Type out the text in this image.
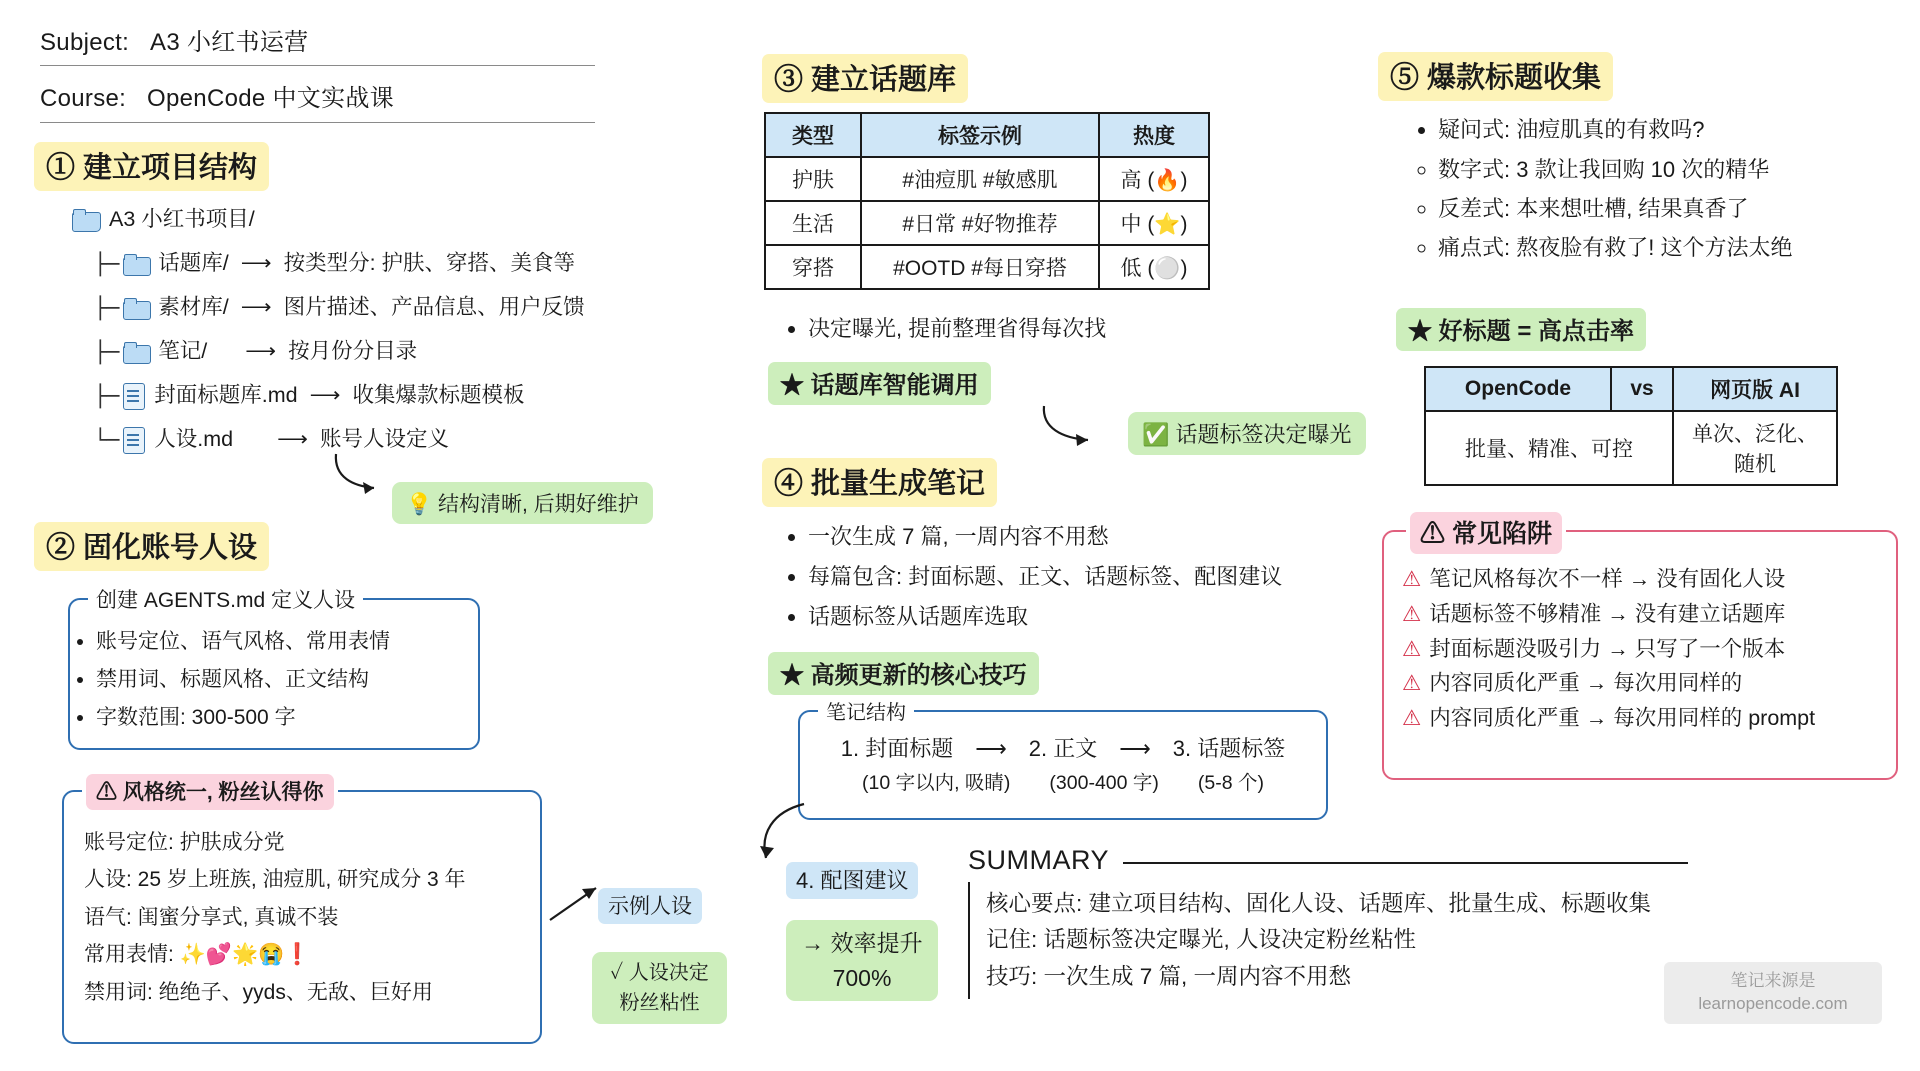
Subject: A3 小红书运营
Course: OpenCode 中文实战课
① 建立项目结构
A3 小红书项目/
├─ 话题库/ ⟶ 按类型分: 护肤、穿搭、美食等
├─ 素材库/ ⟶ 图片描述、产品信息、用户反馈
├─ 笔记/ ⟶ 按月份分目录
├─ 封面标题库.md ⟶ 收集爆款标题模板
└─ 人设.md ⟶ 账号人设定义
💡 结构清晰, 后期好维护
② 固化账号人设
创建 AGENTS.md 定义人设
• 账号定位、语气风格、常用表情
• 禁用词、标题风格、正文结构
• 字数范围: 300-500 字
⚠ 风格统一, 粉丝认得你
账号定位: 护肤成分党
人设: 25 岁上班族, 油痘肌, 研究成分 3 年
语气: 闺蜜分享式, 真诚不装
常用表情: ✨💕🌟😭❗
禁用词: 绝绝子、yyds、无敌、巨好用
示例人设
✓ 人设决定
粉丝粘性
③ 建立话题库
类型	标签示例	热度
护肤	#油痘肌 #敏感肌	高 (🔥)
生活	#日常 #好物推荐	中 (⭐)
穿搭	#OOTD #每日穿搭	低 (⚪)
• 决定曝光, 提前整理省得每次找
★ 话题库智能调用
✅ 话题标签决定曝光
④ 批量生成笔记
• 一次生成 7 篇, 一周内容不用愁
• 每篇包含: 封面标题、正文、话题标签、配图建议
• 话题标签从话题库选取
★ 高频更新的核心技巧
笔记结构
1. 封面标题　⟶　2. 正文　⟶　3. 话题标签
(10 字以内, 吸睛)　　(300-400 字)　　(5-8 个)
4. 配图建议
→ 效率提升
700%
SUMMARY
核心要点: 建立项目结构、固化人设、话题库、批量生成、标题收集
记住: 话题标签决定曝光, 人设决定粉丝粘性
技巧: 一次生成 7 篇, 一周内容不用愁
⑤ 爆款标题收集
• 疑问式: 油痘肌真的有救吗?
◦ 数字式: 3 款让我回购 10 次的精华
◦ 反差式: 本来想吐槽, 结果真香了
◦ 痛点式: 熬夜脸有救了! 这个方法太绝
★ 好标题 = 高点击率
OpenCode	vs	网页版 AI
批量、精准、可控		单次、泛化、随机
⚠ 常见陷阱
⚠ 笔记风格每次不一样 → 没有固化人设
⚠ 话题标签不够精准 → 没有建立话题库
⚠ 封面标题没吸引力 → 只写了一个版本
⚠ 内容同质化严重 → 每次用同样的
⚠ 内容同质化严重 → 每次用同样的 prompt
笔记来源是
learnopencode.com
